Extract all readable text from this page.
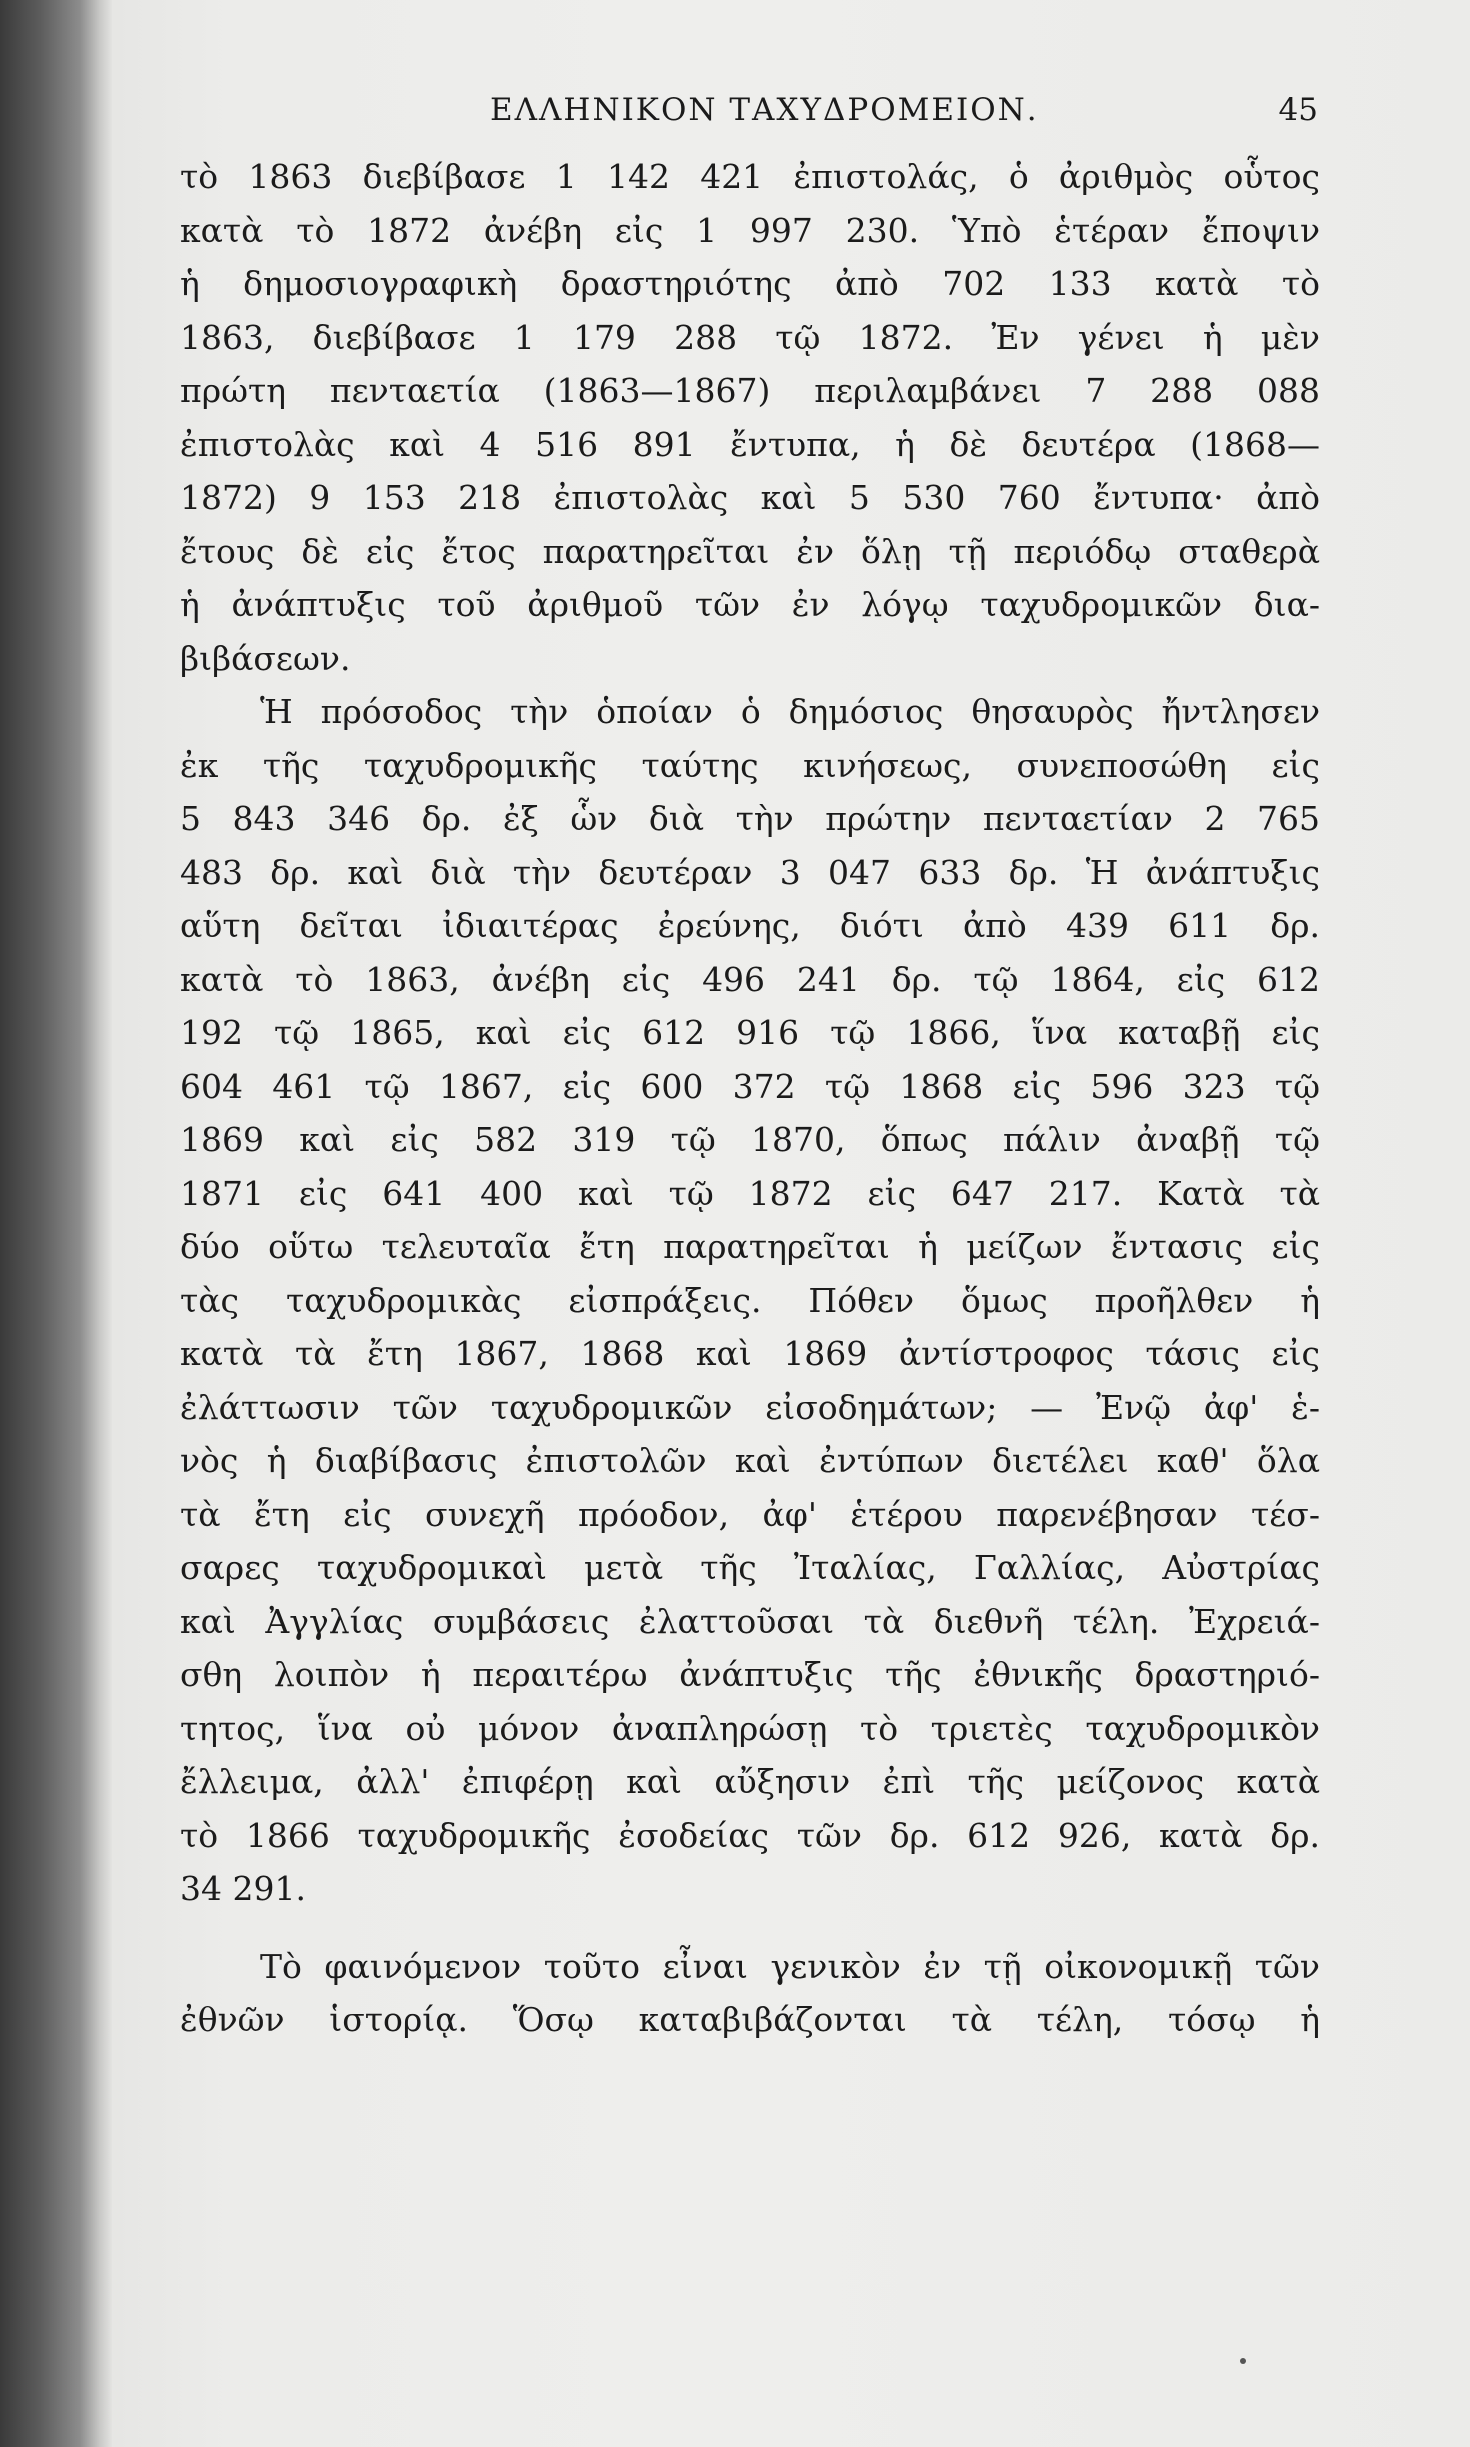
ΕΛΛΗΝΙΚΟΝ ΤΑΧΥΔΡΟΜΕΙΟΝ.	45
τὸ 1863 διεβίβασε 1 142 421 ἐπιστολάς, ὁ ἀριθμὸς οὗτος
κατὰ τὸ 1872 ἀνέβη εἰς 1 997 230. Ὑπὸ ἑτέραν ἔποψιν
ἡ δημοσιογραφικὴ δραστηριότης ἀπὸ 702 133 κατὰ τὸ
1863, διεβίβασε 1 179 288 τῷ 1872. Ἐν γένει ἡ μὲν
πρώτη πενταετία (1863—1867) περιλαμβάνει 7 288 088
ἐπιστολὰς καὶ 4 516 891 ἔντυπα, ἡ δὲ δευτέρα (1868—
1872) 9 153 218 ἐπιστολὰς καὶ 5 530 760 ἔντυπα· ἀπὸ
ἔτους δὲ εἰς ἔτος παρατηρεῖται ἐν ὅλῃ τῇ περιόδῳ σταθερὰ
ἡ ἀνάπτυξις τοῦ ἀριθμοῦ τῶν ἐν λόγῳ ταχυδρομικῶν δια-
βιβάσεων.
Ἡ πρόσοδος τὴν ὁποίαν ὁ δημόσιος θησαυρὸς ἤντλησεν
ἐκ τῆς ταχυδρομικῆς ταύτης κινήσεως, συνεποσώθη εἰς
5 843 346 δρ. ἐξ ὧν διὰ τὴν πρώτην πενταετίαν 2 765
483 δρ. καὶ διὰ τὴν δευτέραν 3 047 633 δρ. Ἡ ἀνάπτυξις
αὕτη δεῖται ἰδιαιτέρας ἐρεύνης, διότι ἀπὸ 439 611 δρ.
κατὰ τὸ 1863, ἀνέβη εἰς 496 241 δρ. τῷ 1864, εἰς 612
192 τῷ 1865, καὶ εἰς 612 916 τῷ 1866, ἵνα καταβῇ εἰς
604 461 τῷ 1867, εἰς 600 372 τῷ 1868 εἰς 596 323 τῷ
1869 καὶ εἰς 582 319 τῷ 1870, ὅπως πάλιν ἀναβῇ τῷ
1871 εἰς 641 400 καὶ τῷ 1872 εἰς 647 217. Κατὰ τὰ
δύο οὕτω τελευταῖα ἔτη παρατηρεῖται ἡ μείζων ἔντασις εἰς
τὰς ταχυδρομικὰς εἰσπράξεις. Πόθεν ὅμως προῆλθεν ἡ
κατὰ τὰ ἔτη 1867, 1868 καὶ 1869 ἀντίστροφος τάσις εἰς
ἐλάττωσιν τῶν ταχυδρομικῶν εἰσοδημάτων; — Ἐνῷ ἀφ' ἑ-
νὸς ἡ διαβίβασις ἐπιστολῶν καὶ ἐντύπων διετέλει καθ' ὅλα
τὰ ἔτη εἰς συνεχῆ πρόοδον, ἀφ' ἑτέρου παρενέβησαν τέσ-
σαρες ταχυδρομικαὶ μετὰ τῆς Ἰταλίας, Γαλλίας, Αὐστρίας
καὶ Ἀγγλίας συμβάσεις ἐλαττοῦσαι τὰ διεθνῆ τέλη. Ἐχρειά-
σθη λοιπὸν ἡ περαιτέρω ἀνάπτυξις τῆς ἐθνικῆς δραστηριό-
τητος, ἵνα οὐ μόνον ἀναπληρώσῃ τὸ τριετὲς ταχυδρομικὸν
ἔλλειμα, ἀλλ' ἐπιφέρῃ καὶ αὔξησιν ἐπὶ τῆς μείζονος κατὰ
τὸ 1866 ταχυδρομικῆς ἐσοδείας τῶν δρ. 612 926, κατὰ δρ.
34 291.
Τὸ φαινόμενον τοῦτο εἶναι γενικὸν ἐν τῇ οἰκονομικῇ τῶν
ἐθνῶν ἱστορίᾳ. Ὅσῳ καταβιβάζονται τὰ τέλη, τόσῳ ἡ
